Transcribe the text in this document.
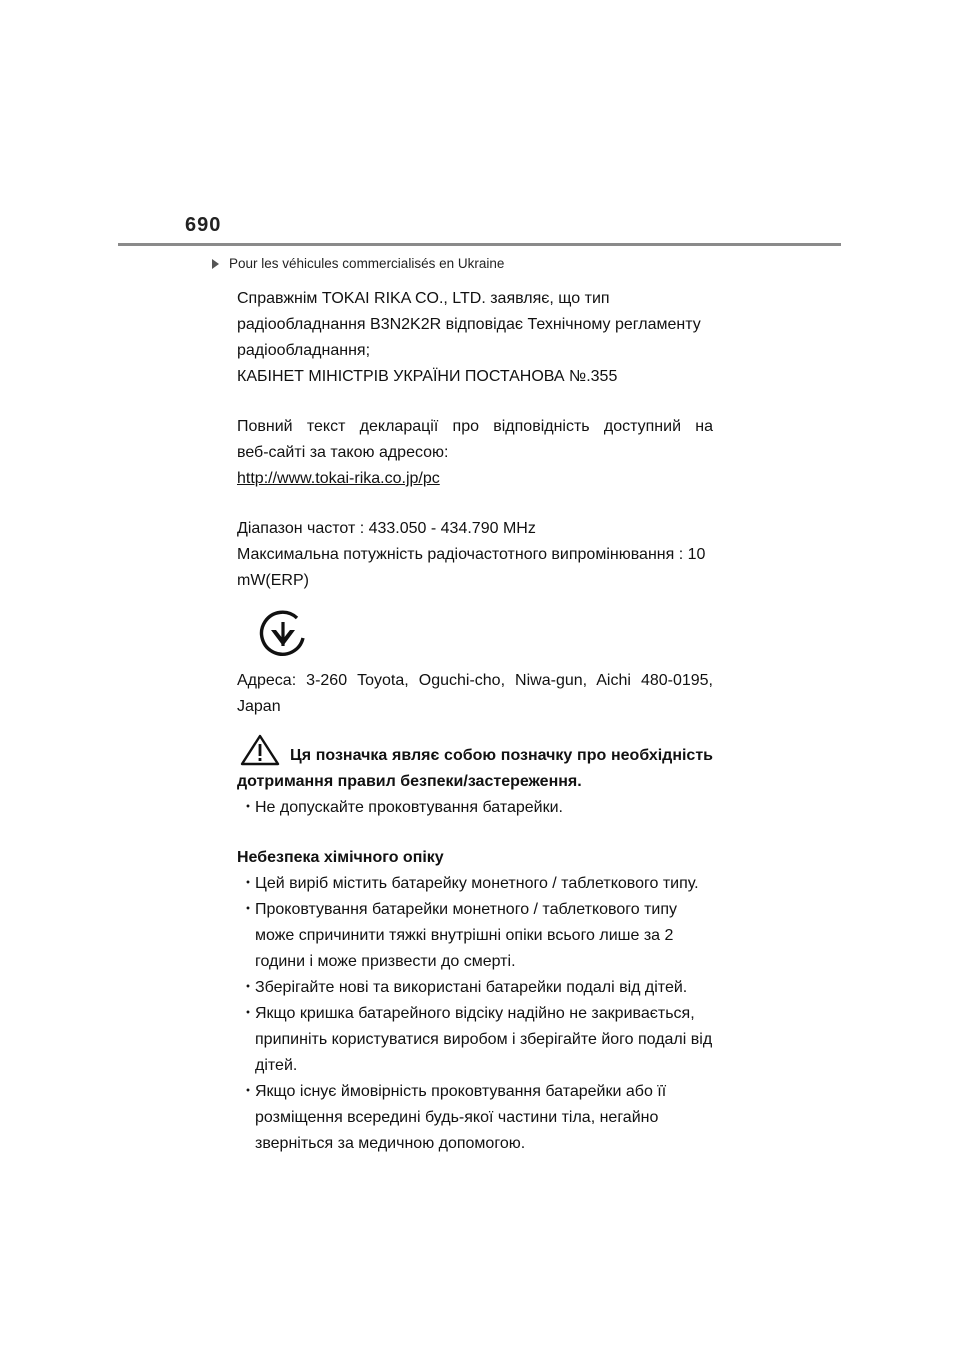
690
Pour les véhicules commercialisés en Ukraine

Справжнім TOKAI RIKA CO., LTD. заявляє, що тип

радіообладнання B3N2K2R відповідає Технічному регламенту

радіообладнання;

КАБІНЕТ МІНІСТРІВ УКРАЇНИ ПОСТАНОВА №.355

Повний текст декларації про відповідність доступний на

веб-сайті за такою адресою:

http://www.tokai-rika.co.jp/pc

Діапазон частот : 433.050 - 434.790 MHz

Максимальна потужність радіочастотного випромінювання : 10

mW(ERP)

Адреса: 3-260 Toyota, Oguchi-cho, Niwa-gun, Aichi 480-0195,

Japan

Ця позначка являє собою позначку про необхідність

дотримання правил безпеки/застереження.

・
Не допускайте проковтування батарейки.

Небезпека хімічного опіку

・
Цей виріб містить батарейку монетного / таблеткового типу.

・
Проковтування батарейки монетного / таблеткового типу може спричинити тяжкі внутрішні опіки всього лише за 2 години і може призвести до смерті.

・
Зберігайте нові та використані батарейки подалі від дітей.

・
Якщо кришка батарейного відсіку надійно не закривається, припиніть користуватися виробом і зберігайте його подалі від дітей.

・
Якщо існує ймовірність проковтування батарейки або її розміщення всередині будь-якої частини тіла, негайно зверніться за медичною допомогою.
